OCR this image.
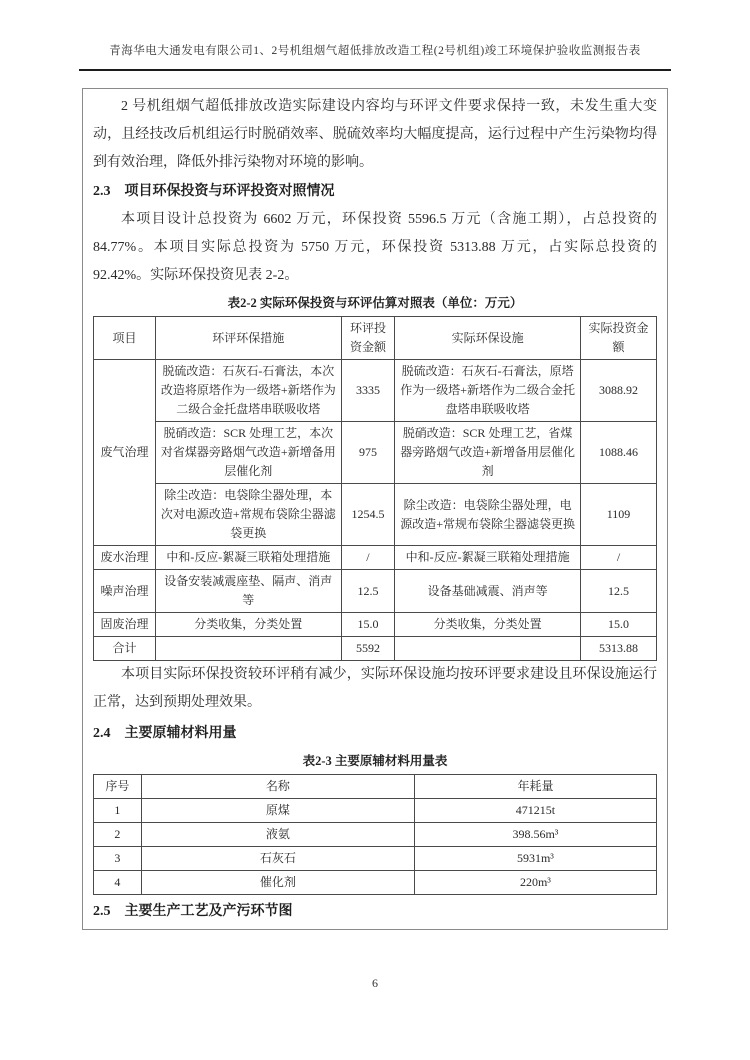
青海华电大通发电有限公司1、2号机组烟气超低排放改造工程(2号机组)竣工环境保护验收监测报告表

2 号机组烟气超低排放改造实际建设内容均与环评文件要求保持一致，未发生重大变动，且经技改后机组运行时脱硝效率、脱硫效率均大幅度提高，运行过程中产生污染物均得到有效治理，降低外排污染物对环境的影响。

2.3 项目环保投资与环评投资对照情况

本项目设计总投资为 6602 万元，环保投资 5596.5 万元（含施工期），占总投资的 84.77%。本项目实际总投资为 5750 万元，环保投资 5313.88 万元，占实际总投资的 92.42%。实际环保投资见表 2-2。

表2-2 实际环保投资与环评估算对照表（单位：万元）
项目	环评环保措施	环评投资金额	实际环保设施	实际投资金额
废气治理	脱硫改造：石灰石-石膏法，本次改造将原塔作为一级塔+新塔作为二级合金托盘塔串联吸收塔	3335	脱硫改造：石灰石-石膏法，原塔作为一级塔+新塔作为二级合金托盘塔串联吸收塔	3088.92
	脱硝改造：SCR 处理工艺，本次对省煤器旁路烟气改造+新增备用层催化剂	975	脱硝改造：SCR 处理工艺，省煤器旁路烟气改造+新增备用层催化剂	1088.46
	除尘改造：电袋除尘器处理，本次对电源改造+常规布袋除尘器滤袋更换	1254.5	除尘改造：电袋除尘器处理，电源改造+常规布袋除尘器滤袋更换	1109
废水治理	中和-反应-絮凝三联箱处理措施	/	中和-反应-絮凝三联箱处理措施	/
噪声治理	设备安装减震座垫、隔声、消声等	12.5	设备基础减震、消声等	12.5
固废治理	分类收集，分类处置	15.0	分类收集，分类处置	15.0
合计		5592		5313.88

本项目实际环保投资较环评稍有减少，实际环保设施均按环评要求建设且环保设施运行正常，达到预期处理效果。

2.4 主要原辅材料用量
表2-3 主要原辅材料用量表
序号	名称	年耗量
1	原煤	471215t
2	液氨	398.56m³
3	石灰石	5931m³
4	催化剂	220m³
2.5 主要生产工艺及产污环节图
6
